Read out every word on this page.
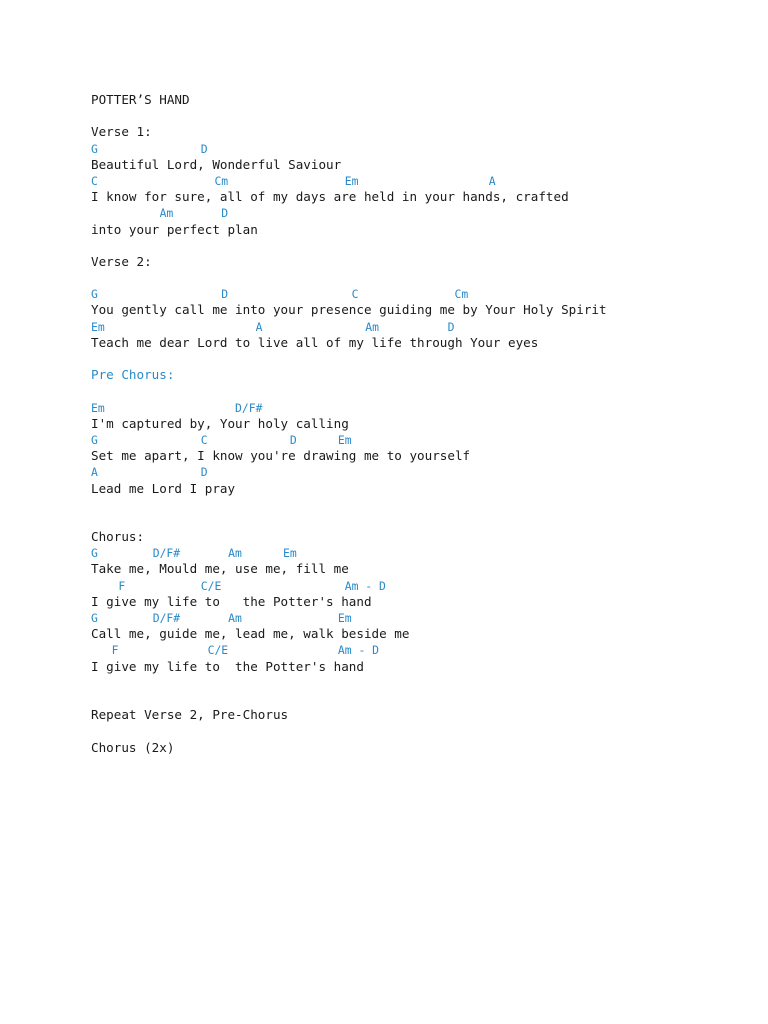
POTTER’S HAND
Verse 1:
G               D
Beautiful Lord, Wonderful Saviour
C                 Cm                 Em                   A
I know for sure, all of my days are held in your hands, crafted
Am       D
into your perfect plan
Verse 2:
G                  D                  C              Cm
You gently call me into your presence guiding me by Your Holy Spirit
Em                      A               Am          D
Teach me dear Lord to live all of my life through Your eyes
Pre Chorus:
Em                   D/F#
I'm captured by, Your holy calling
G               C            D      Em
Set me apart, I know you're drawing me to yourself
A               D
Lead me Lord I pray
Chorus:
G        D/F#       Am      Em
Take me, Mould me, use me, fill me
F           C/E                  Am - D
I give my life to   the Potter's hand
G        D/F#       Am              Em
Call me, guide me, lead me, walk beside me
F             C/E                Am - D
I give my life to  the Potter's hand
Repeat Verse 2, Pre-Chorus
Chorus (2x)
